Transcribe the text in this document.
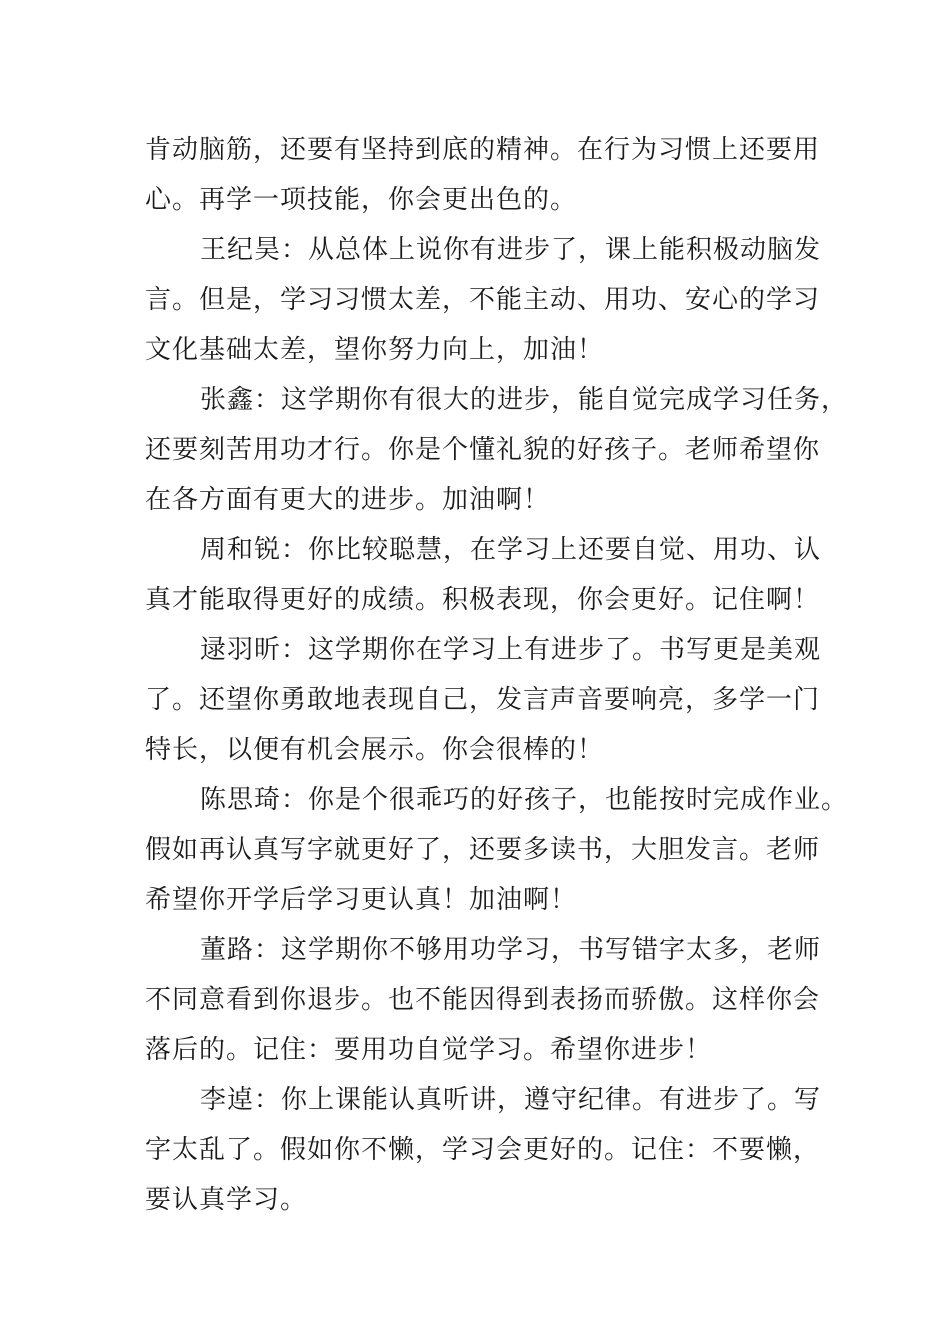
肯动脑筋，还要有坚持到底的精神。在行为习惯上还要用
心。再学一项技能，你会更出色的。
王纪昊：从总体上说你有进步了，课上能积极动脑发
言。但是，学习习惯太差，不能主动、用功、安心的学习
文化基础太差，望你努力向上，加油！
张鑫：这学期你有很大的进步，能自觉完成学习任务，
还要刻苦用功才行。你是个懂礼貌的好孩子。老师希望你
在各方面有更大的进步。加油啊！
周和锐：你比较聪慧，在学习上还要自觉、用功、认
真才能取得更好的成绩。积极表现，你会更好。记住啊！
逯羽昕：这学期你在学习上有进步了。书写更是美观
了。还望你勇敢地表现自己，发言声音要响亮，多学一门
特长，以便有机会展示。你会很棒的！
陈思琦：你是个很乖巧的好孩子，也能按时完成作业。
假如再认真写字就更好了，还要多读书，大胆发言。老师
希望你开学后学习更认真！加油啊！
董路：这学期你不够用功学习，书写错字太多，老师
不同意看到你退步。也不能因得到表扬而骄傲。这样你会
落后的。记住：要用功自觉学习。希望你进步！
李逴：你上课能认真听讲，遵守纪律。有进步了。写
字太乱了。假如你不懒，学习会更好的。记住：不要懒，
要认真学习。
